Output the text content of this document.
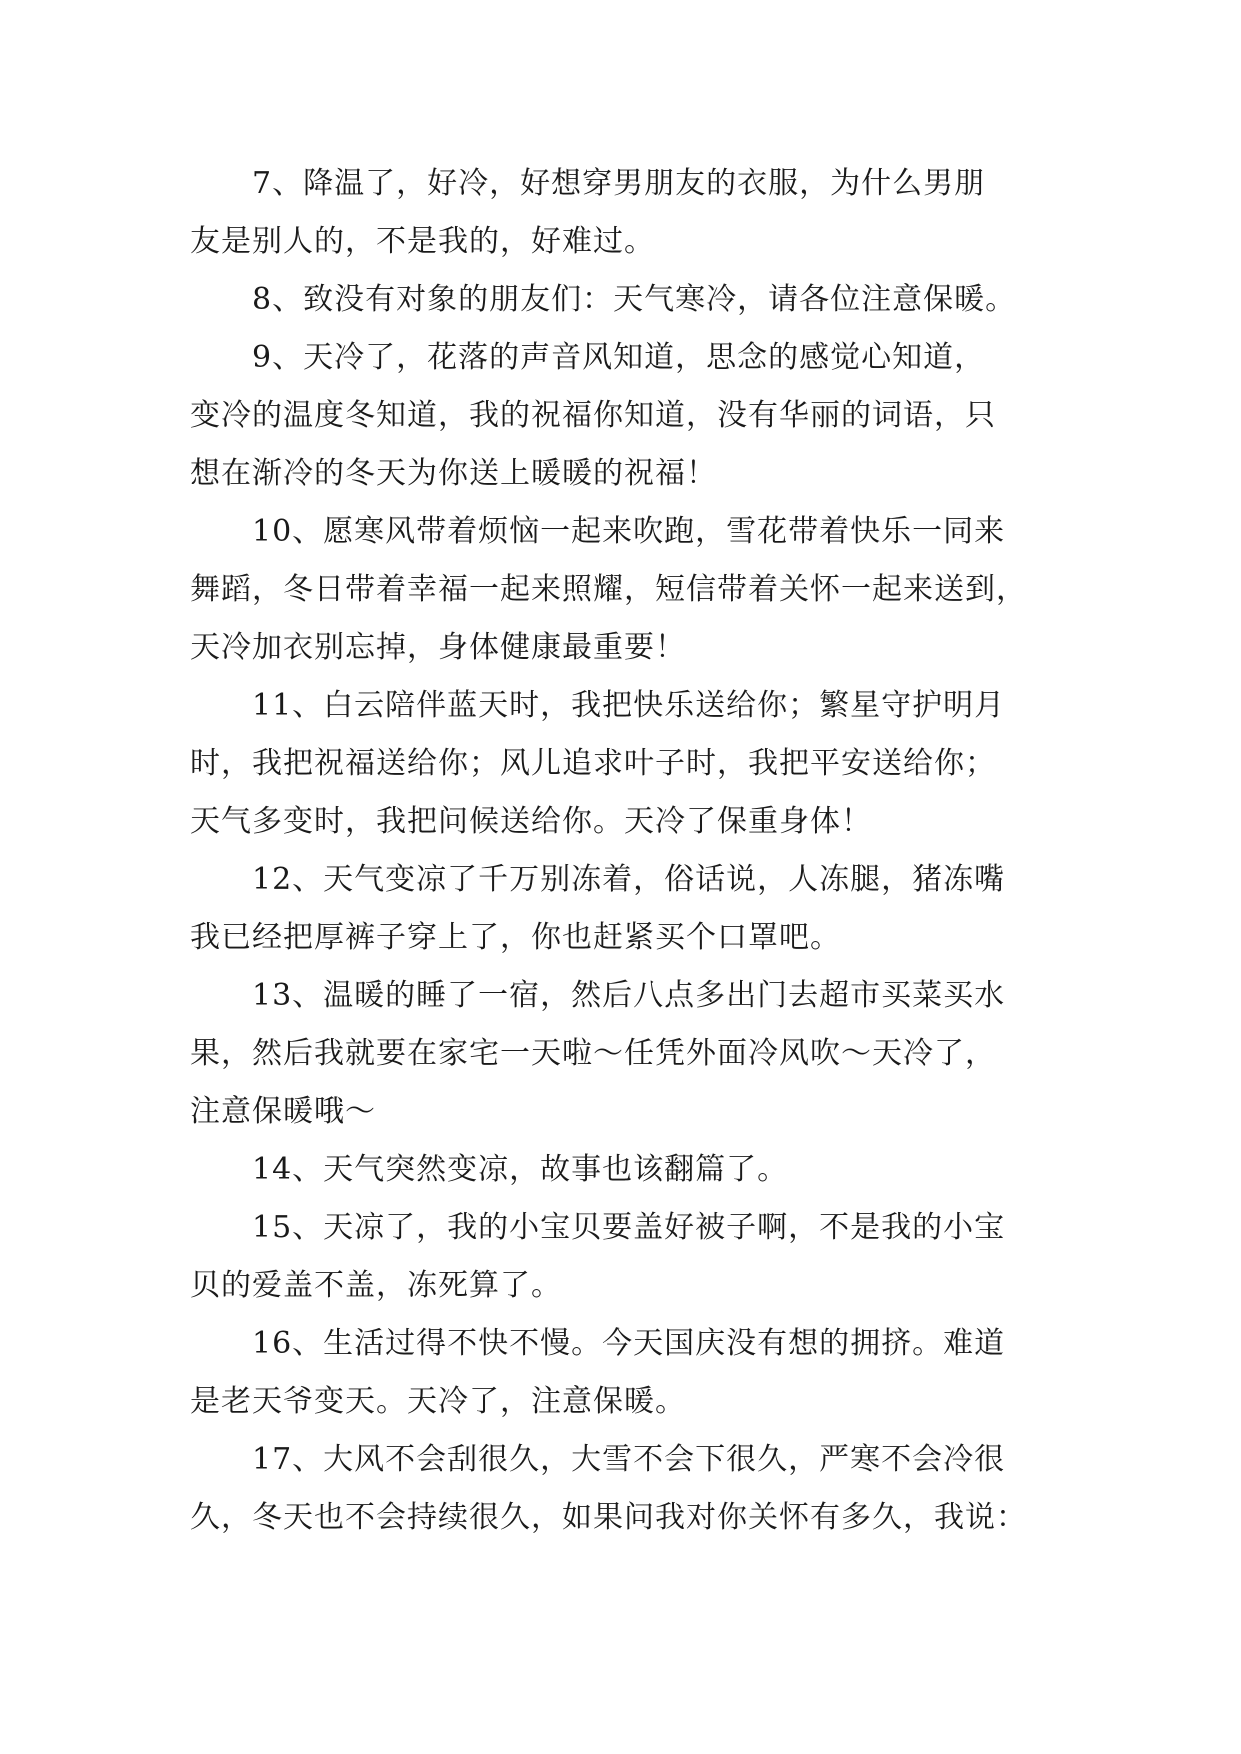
7、降温了，好冷，好想穿男朋友的衣服，为什么男朋
友是别人的，不是我的，好难过。
8、致没有对象的朋友们：天气寒冷，请各位注意保暖。
9、天冷了，花落的声音风知道，思念的感觉心知道，
变冷的温度冬知道，我的祝福你知道，没有华丽的词语，只
想在渐冷的冬天为你送上暖暖的祝福！
10、愿寒风带着烦恼一起来吹跑，雪花带着快乐一同来
舞蹈，冬日带着幸福一起来照耀，短信带着关怀一起来送到，
天冷加衣别忘掉，身体健康最重要！
11、白云陪伴蓝天时，我把快乐送给你；繁星守护明月
时，我把祝福送给你；风儿追求叶子时，我把平安送给你；
天气多变时，我把问候送给你。天冷了保重身体！
12、天气变凉了千万别冻着，俗话说，人冻腿，猪冻嘴
我已经把厚裤子穿上了，你也赶紧买个口罩吧。
13、温暖的睡了一宿，然后八点多出门去超市买菜买水
果，然后我就要在家宅一天啦～任凭外面冷风吹～天冷了，
注意保暖哦～
14、天气突然变凉，故事也该翻篇了。
15、天凉了，我的小宝贝要盖好被子啊，不是我的小宝
贝的爱盖不盖，冻死算了。
16、生活过得不快不慢。今天国庆没有想的拥挤。难道
是老天爷变天。天冷了，注意保暖。
17、大风不会刮很久，大雪不会下很久，严寒不会冷很
久，冬天也不会持续很久，如果问我对你关怀有多久，我说：
